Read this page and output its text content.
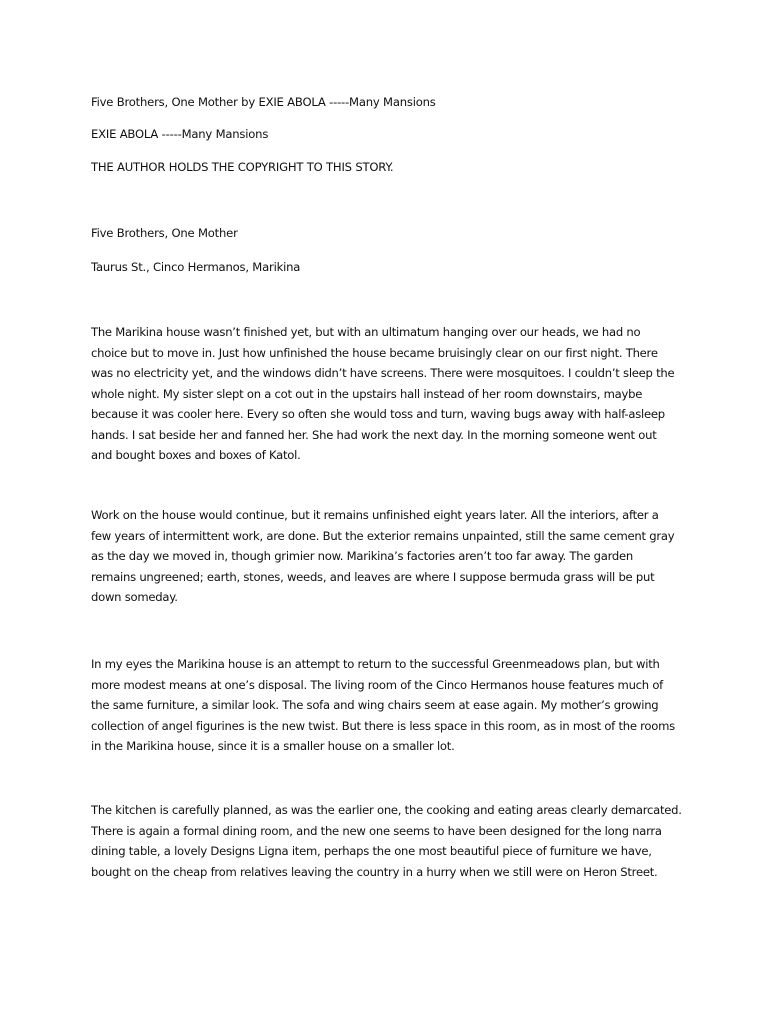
Five Brothers, One Mother by EXIE ABOLA -----Many Mansions
EXIE ABOLA -----Many Mansions
THE AUTHOR HOLDS THE COPYRIGHT TO THIS STORY.
Five Brothers, One Mother
Taurus St., Cinco Hermanos, Marikina
The Marikina house wasn’t finished yet, but with an ultimatum hanging over our heads, we had no
choice but to move in. Just how unfinished the house became bruisingly clear on our first night. There
was no electricity yet, and the windows didn’t have screens. There were mosquitoes. I couldn’t sleep the
whole night. My sister slept on a cot out in the upstairs hall instead of her room downstairs, maybe
because it was cooler here. Every so often she would toss and turn, waving bugs away with half-asleep
hands. I sat beside her and fanned her. She had work the next day. In the morning someone went out
and bought boxes and boxes of Katol.
Work on the house would continue, but it remains unfinished eight years later. All the interiors, after a
few years of intermittent work, are done. But the exterior remains unpainted, still the same cement gray
as the day we moved in, though grimier now. Marikina’s factories aren’t too far away. The garden
remains ungreened; earth, stones, weeds, and leaves are where I suppose bermuda grass will be put
down someday.
In my eyes the Marikina house is an attempt to return to the successful Greenmeadows plan, but with
more modest means at one’s disposal. The living room of the Cinco Hermanos house features much of
the same furniture, a similar look. The sofa and wing chairs seem at ease again. My mother’s growing
collection of angel figurines is the new twist. But there is less space in this room, as in most of the rooms
in the Marikina house, since it is a smaller house on a smaller lot.
The kitchen is carefully planned, as was the earlier one, the cooking and eating areas clearly demarcated.
There is again a formal dining room, and the new one seems to have been designed for the long narra
dining table, a lovely Designs Ligna item, perhaps the one most beautiful piece of furniture we have,
bought on the cheap from relatives leaving the country in a hurry when we still were on Heron Street.
